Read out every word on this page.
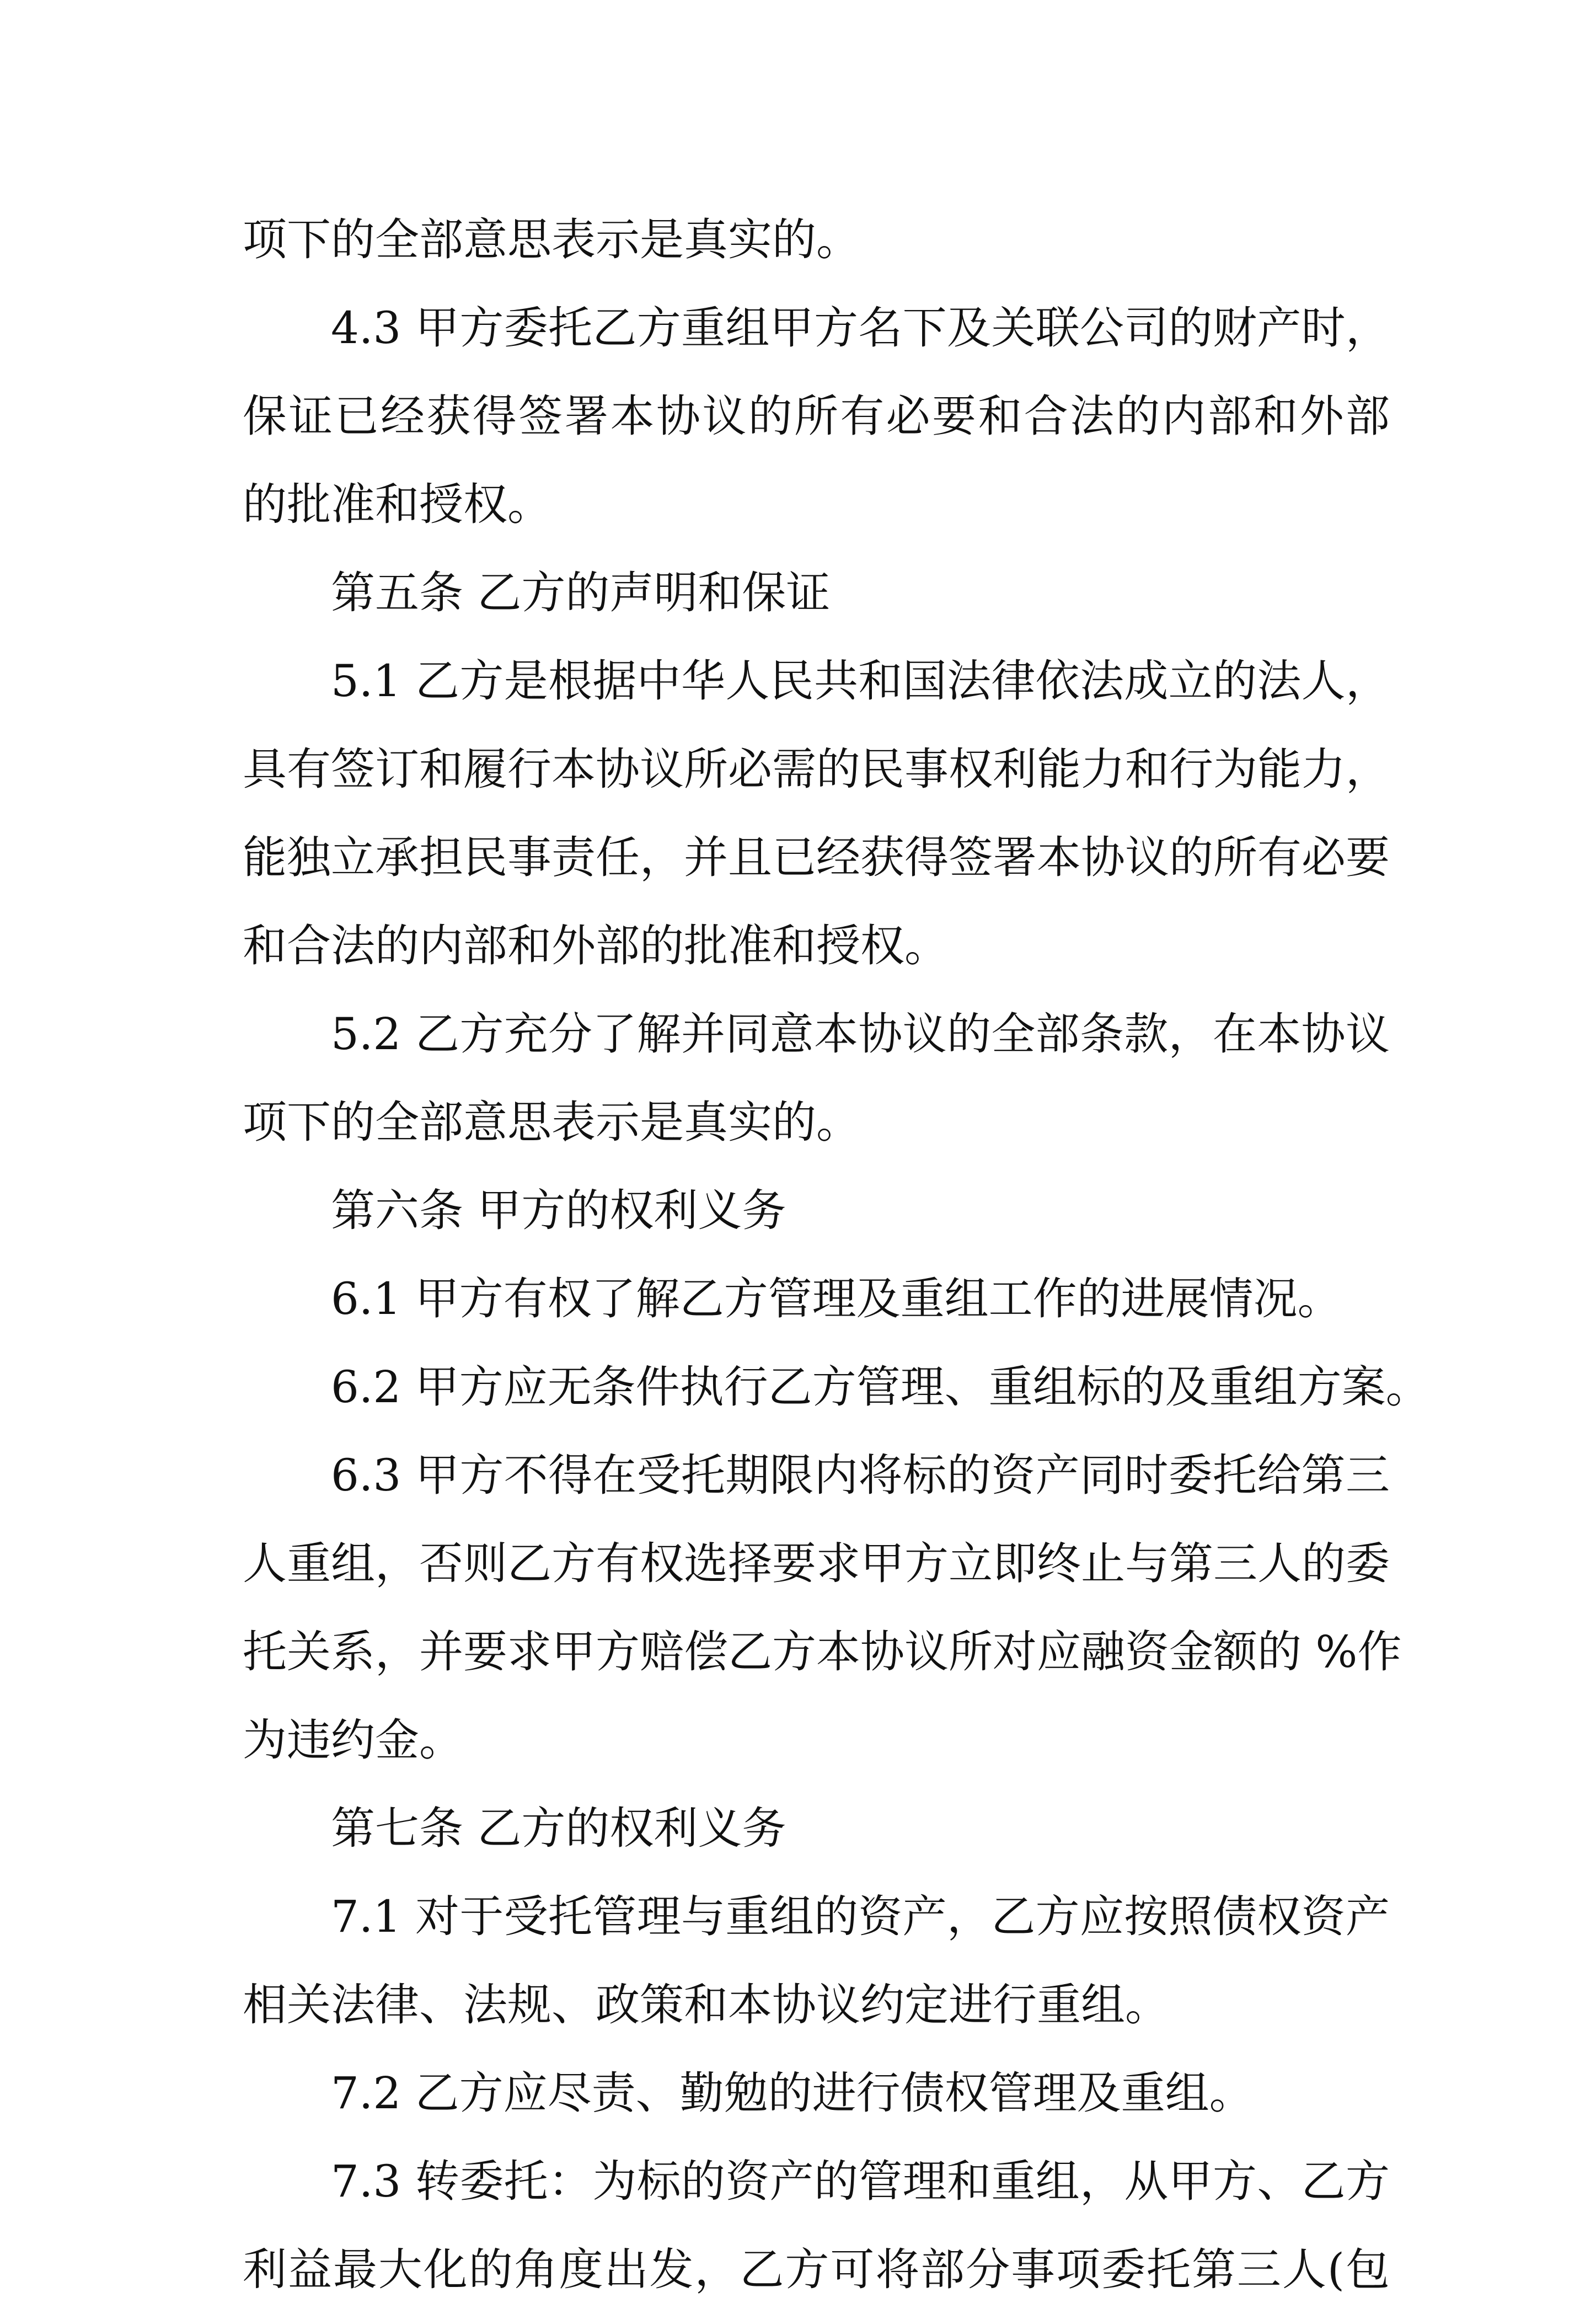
项下的全部意思表示是真实的。
4.3 甲方委托乙方重组甲方名下及关联公司的财产时，
保证已经获得签署本协议的所有必要和合法的内部和外部
的批准和授权。
第五条 乙方的声明和保证
5.1 乙方是根据中华人民共和国法律依法成立的法人，
具有签订和履行本协议所必需的民事权利能力和行为能力，
能独立承担民事责任，并且已经获得签署本协议的所有必要
和合法的内部和外部的批准和授权。
5.2 乙方充分了解并同意本协议的全部条款，在本协议
项下的全部意思表示是真实的。
第六条 甲方的权利义务
6.1 甲方有权了解乙方管理及重组工作的进展情况。
6.2 甲方应无条件执行乙方管理、重组标的及重组方案。
6.3 甲方不得在受托期限内将标的资产同时委托给第三
人重组，否则乙方有权选择要求甲方立即终止与第三人的委
托关系，并要求甲方赔偿乙方本协议所对应融资金额的 %作
为违约金。
第七条 乙方的权利义务
7.1 对于受托管理与重组的资产，乙方应按照债权资产
相关法律、法规、政策和本协议约定进行重组。
7.2 乙方应尽责、勤勉的进行债权管理及重组。
7.3 转委托：为标的资产的管理和重组，从甲方、乙方
利益最大化的角度出发，乙方可将部分事项委托第三人(包
